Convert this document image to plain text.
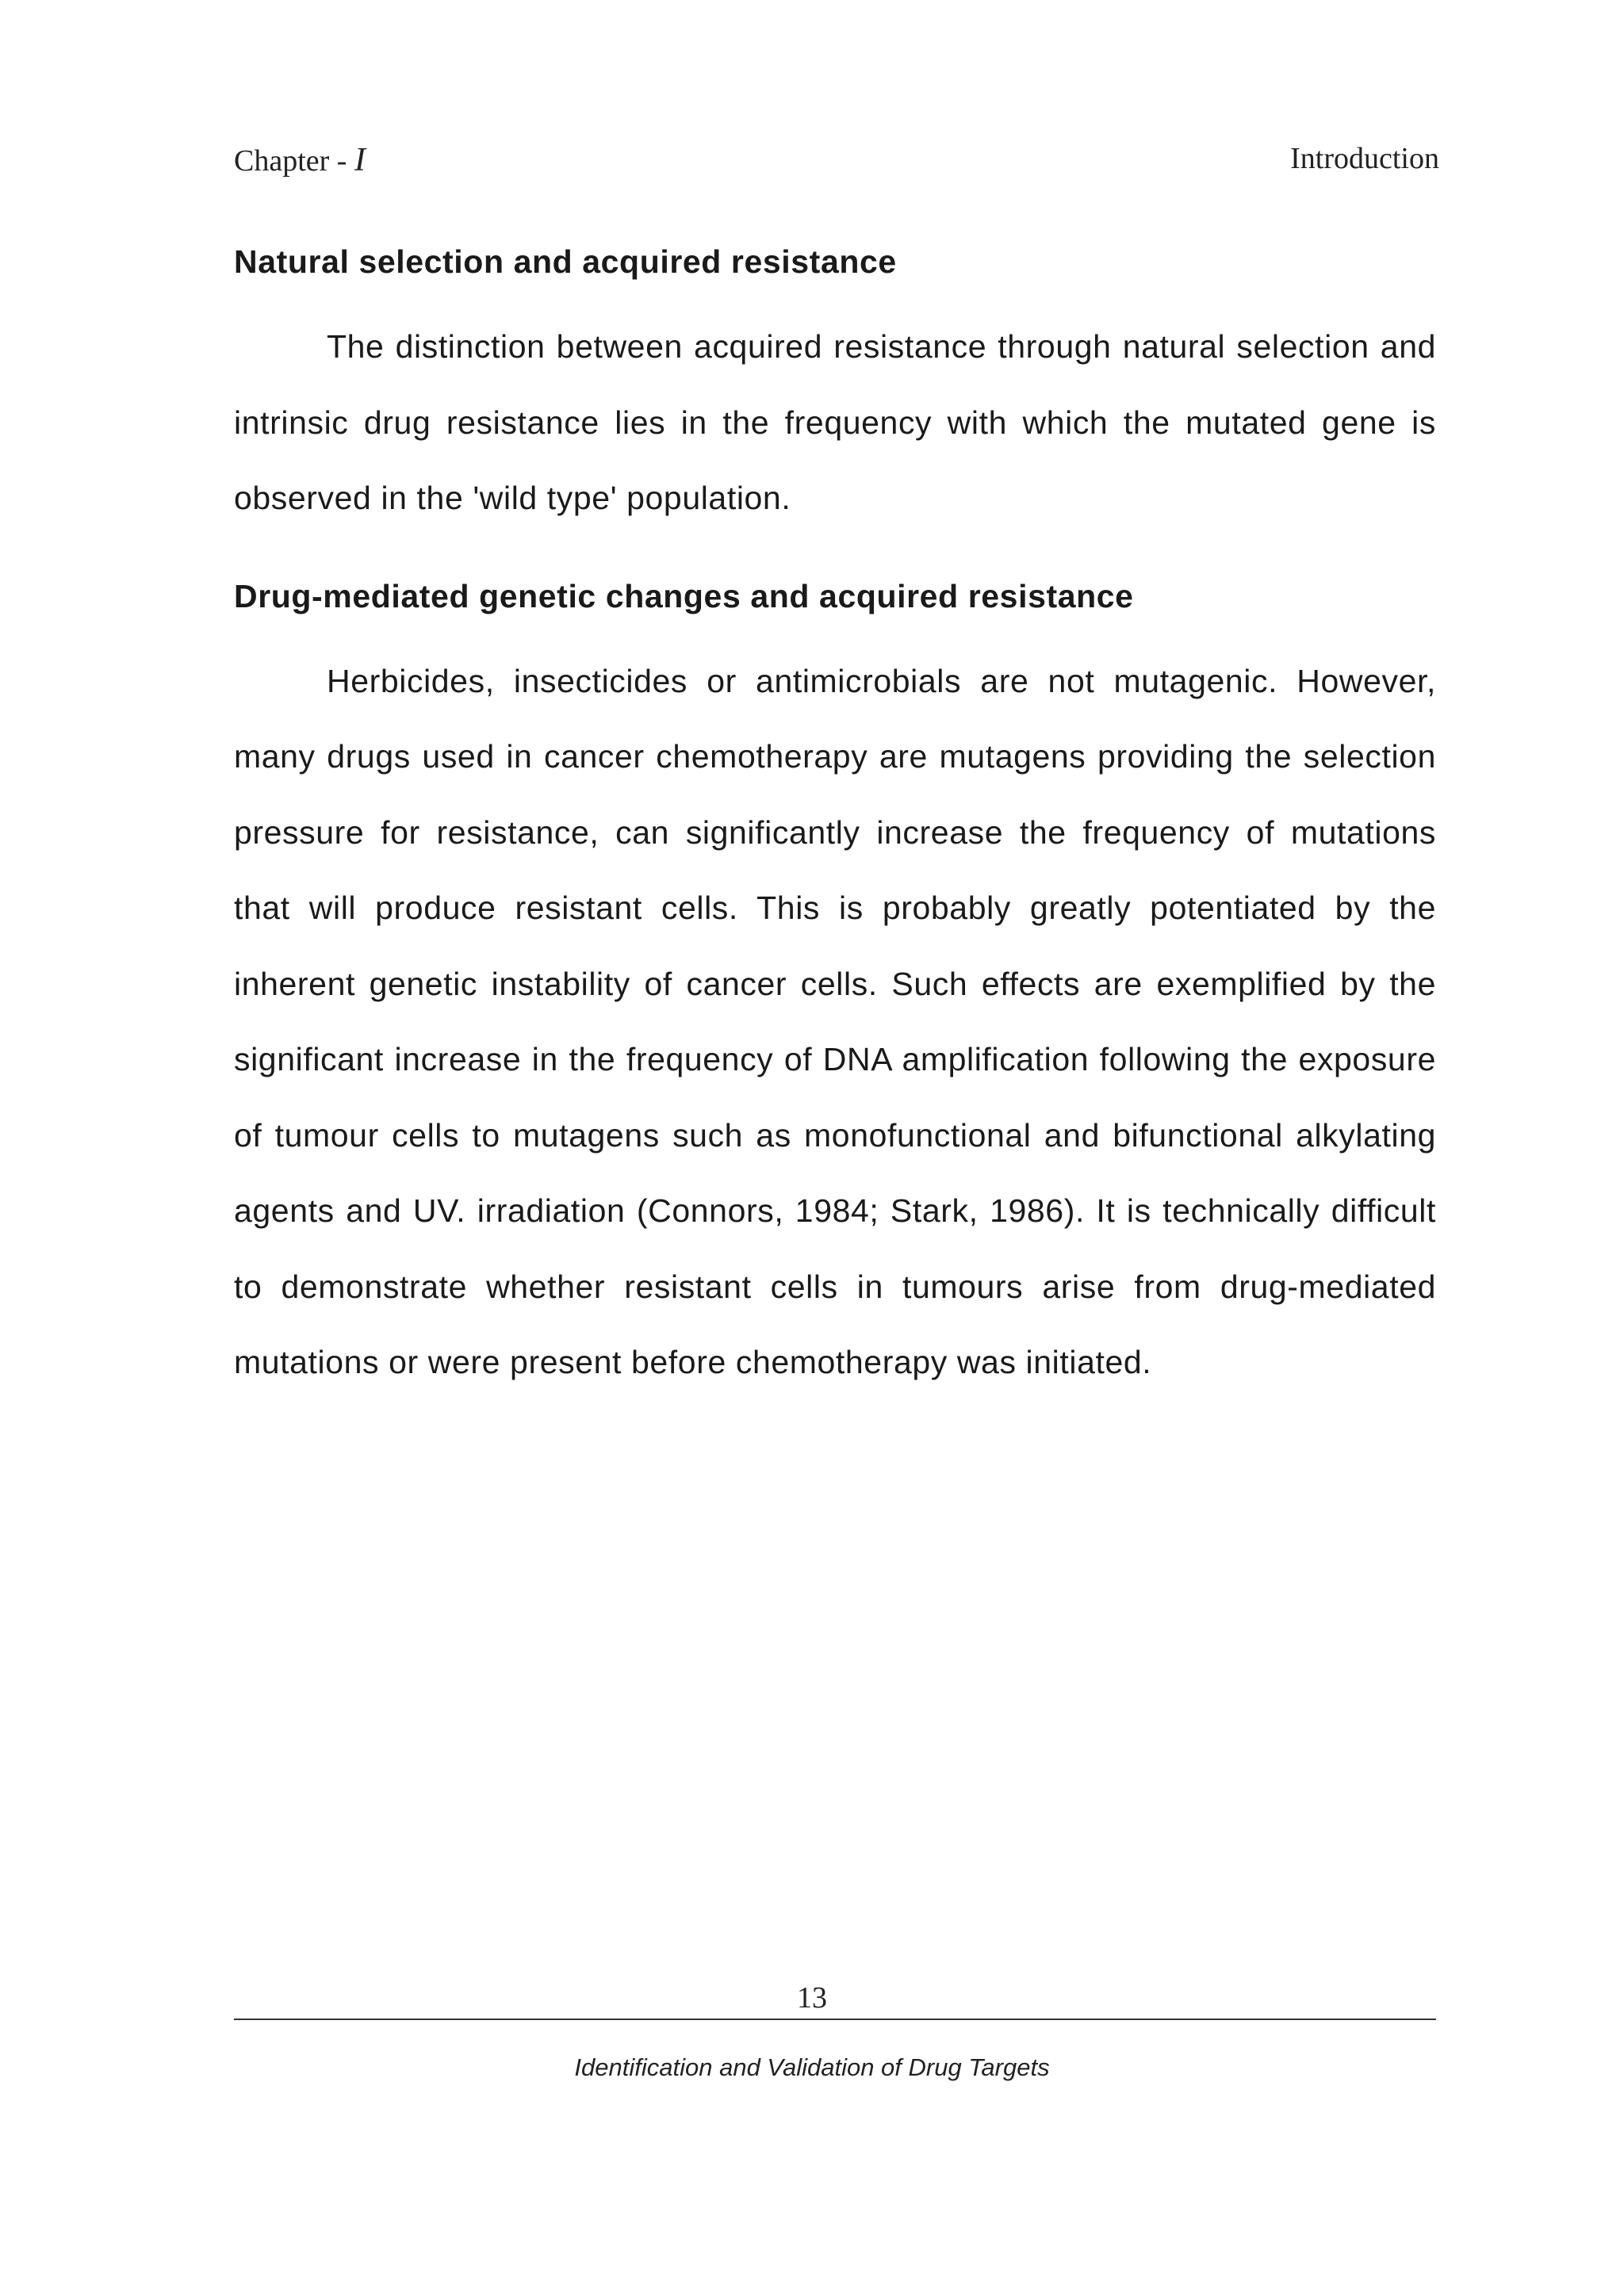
Chapter - I	Introduction
Natural selection and acquired resistance

The distinction between acquired resistance through natural selection and intrinsic drug resistance lies in the frequency with which the mutated gene is observed in the 'wild type' population.

Drug-mediated genetic changes and acquired resistance

Herbicides, insecticides or antimicrobials are not mutagenic. However, many drugs used in cancer chemotherapy are mutagens providing the selection pressure for resistance, can significantly increase the frequency of mutations that will produce resistant cells. This is probably greatly potentiated by the inherent genetic instability of cancer cells. Such effects are exemplified by the significant increase in the frequency of DNA amplification following the exposure of tumour cells to mutagens such as monofunctional and bifunctional alkylating agents and UV. irradiation (Connors, 1984; Stark, 1986). It is technically difficult to demonstrate whether resistant cells in tumours arise from drug-mediated mutations or were present before chemotherapy was initiated.

13
Identification and Validation of Drug Targets
